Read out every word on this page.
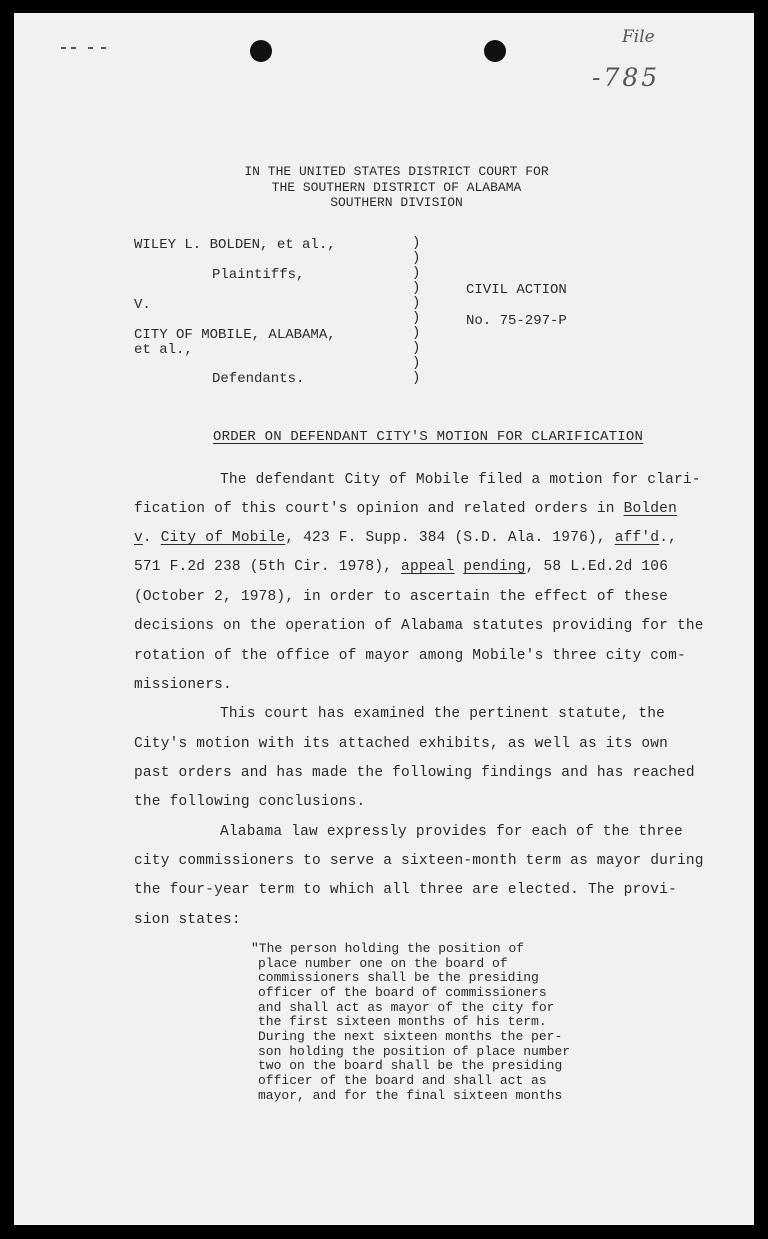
File
-785
IN THE UNITED STATES DISTRICT COURT FOR
THE SOUTHERN DISTRICT OF ALABAMA
SOUTHERN DIVISION
WILEY L. BOLDEN, et al.,
Plaintiffs,
V.
CITY OF MOBILE, ALABAMA,
et al.,
Defendants.
)
)
)
)
)
)
)
)
)
)
CIVIL ACTION
No. 75-297-P
ORDER ON DEFENDANT CITY'S MOTION FOR CLARIFICATION
The defendant City of Mobile filed a motion for clari-
fication of this court's opinion and related orders in Bolden
v. City of Mobile, 423 F. Supp. 384 (S.D. Ala. 1976), aff'd.,
571 F.2d 238 (5th Cir. 1978), appeal pending, 58 L.Ed.2d 106
(October 2, 1978), in order to ascertain the effect of these
decisions on the operation of Alabama statutes providing for the
rotation of the office of mayor among Mobile's three city com-
missioners.
This court has examined the pertinent statute, the
City's motion with its attached exhibits, as well as its own
past orders and has made the following findings and has reached
the following conclusions.
Alabama law expressly provides for each of the three
city commissioners to serve a sixteen-month term as mayor during
the four-year term to which all three are elected. The provi-
sion states:
"The person holding the position of
place number one on the board of
commissioners shall be the presiding
officer of the board of commissioners
and shall act as mayor of the city for
the first sixteen months of his term.
During the next sixteen months the per-
son holding the position of place number
two on the board shall be the presiding
officer of the board and shall act as
mayor, and for the final sixteen months
